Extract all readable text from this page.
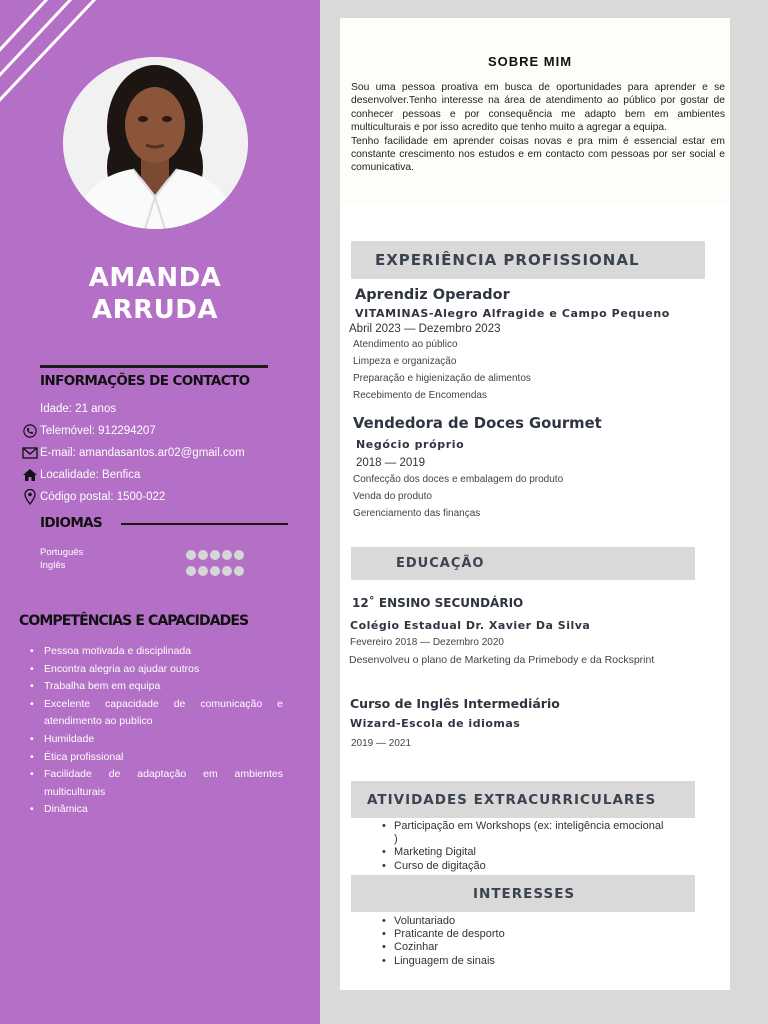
AMANDA
ARRUDA
INFORMAÇÕES DE CONTACTO
Idade: 21 anos
Telemóvel: 912294207
E-mail: amandasantos.ar02@gmail.com
Localidade: Benfica
Código postal: 1500-022
IDIOMAS
Português
Inglês
COMPETÊNCIAS E CAPACIDADES
• Pessoa motivada e disciplinada
• Encontra alegria ao ajudar outros
• Trabalha bem em equipa
• Excelente capacidade de comunicação e atendimento ao publico
• Humildade
• Ética profissional
• Facilidade de adaptação em ambientes multiculturais
• Dinâmica
SOBRE MIM

Sou uma pessoa proativa em busca de oportunidades para aprender e se desenvolver.Tenho interesse na área de atendimento ao público por gostar de conhecer pessoas e por consequência me adapto bem em ambientes multiculturais e por isso acredito que tenho muito a agregar a equipa.

Tenho facilidade em aprender coisas novas e pra mim é essencial estar em constante crescimento nos estudos e em contacto com pessoas por ser social e comunicativa.

EXPERIÊNCIA PROFISSIONAL
Aprendiz Operador
VITAMINAS-Alegro Alfragide e Campo Pequeno
Abril 2023 — Dezembro 2023
Atendimento ao público
Limpeza e organização
Preparação e higienização de alimentos
Recebimento de Encomendas
Vendedora de Doces Gourmet
Negócio próprio
2018 — 2019
Confecção dos doces e embalagem do produto
Venda do produto
Gerenciamento das finanças
EDUCAÇÃO
12˚ ENSINO SECUNDÁRIO
Colégio Estadual Dr. Xavier Da Silva
Fevereiro 2018 — Dezembro 2020
Desenvolveu o plano de Marketing da Primebody e da Rocksprint
Curso de Inglês Intermediário
Wizard-Escola de idiomas
2019 — 2021
ATIVIDADES EXTRACURRICULARES
• Participação em Workshops (ex: inteligência emocional )
• Marketing Digital
• Curso de digitação
INTERESSES
• Voluntariado
• Praticante de desporto
• Cozinhar
• Linguagem de sinais
